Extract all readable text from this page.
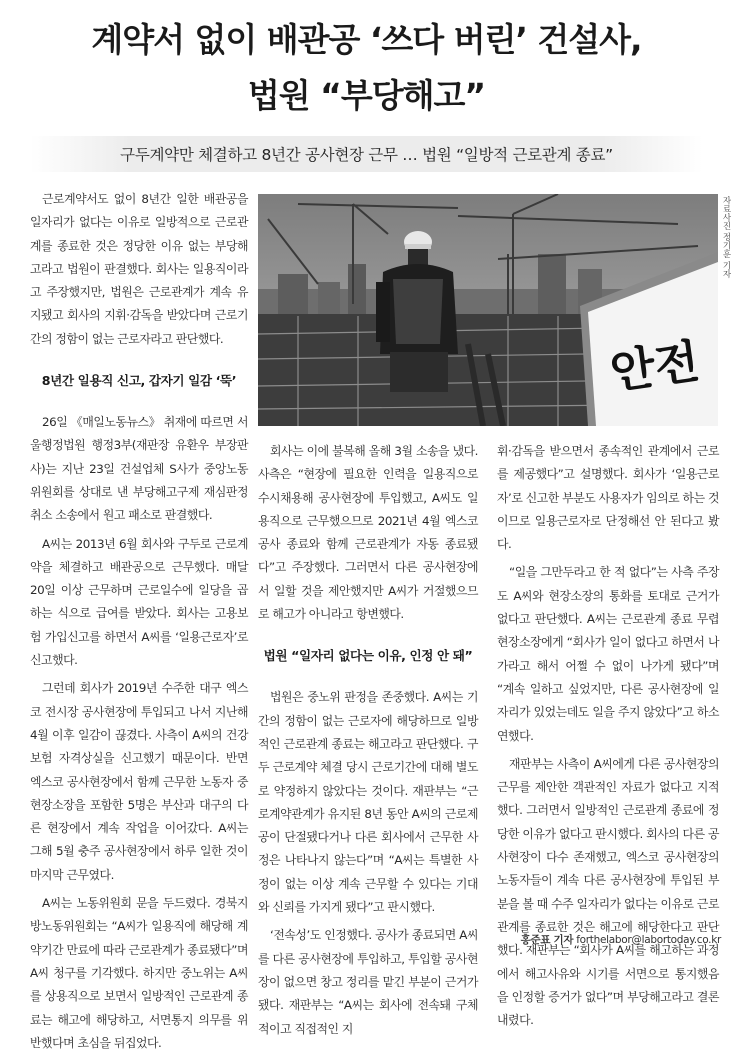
계약서 없이 배관공 ‘쓰다 버린’ 건설사,
법원 “부당해고”
구두계약만 체결하고 8년간 공사현장 근무 … 법원 “일방적 근로관계 종료”

근로계약서도 없이 8년간 일한 배관공을 일자리가 없다는 이유로 일방적으로 근로관계를 종료한 것은 정당한 이유 없는 부당해고라고 법원이 판결했다. 회사는 일용직이라고 주장했지만, 법원은 근로관계가 계속 유지됐고 회사의 지휘·감독을 받았다며 근로기간의 정함이 없는 근로자라고 판단했다.

8년간 일용직 신고, 갑자기 일감 ‘뚝’

26일 《매일노동뉴스》 취재에 따르면 서울행정법원 행정3부(재판장 유환우 부장판사)는 지난 23일 건설업체 S사가 중앙노동위원회를 상대로 낸 부당해고구제 재심판정취소 소송에서 원고 패소로 판결했다.

A씨는 2013년 6월 회사와 구두로 근로계약을 체결하고 배관공으로 근무했다. 매달 20일 이상 근무하며 근로일수에 일당을 곱하는 식으로 급여를 받았다. 회사는 고용보험 가입신고를 하면서 A씨를 ‘일용근로자’로 신고했다.

그런데 회사가 2019년 수주한 대구 엑스코 전시장 공사현장에 투입되고 나서 지난해 4월 이후 일감이 끊겼다. 사측이 A씨의 건강보험 자격상실을 신고했기 때문이다. 반면 엑스코 공사현장에서 함께 근무한 노동자 중 현장소장을 포함한 5명은 부산과 대구의 다른 현장에서 계속 작업을 이어갔다. A씨는 그해 5월 충주 공사현장에서 하루 일한 것이 마지막 근무였다.

A씨는 노동위원회 문을 두드렸다. 경북지방노동위원회는 “A씨가 일용직에 해당해 계약기간 만료에 따라 근로관계가 종료됐다”며 A씨 청구를 기각했다. 하지만 중노위는 A씨를 상용직으로 보면서 일방적인 근로관계 종료는 해고에 해당하고, 서면통지 의무를 위반했다며 초심을 뒤집었다.

안전
자료사진 정기훈 기자

회사는 이에 불복해 올해 3월 소송을 냈다. 사측은 “현장에 필요한 인력을 일용직으로 수시채용해 공사현장에 투입했고, A씨도 일용직으로 근무했으므로 2021년 4월 엑스코 공사 종료와 함께 근로관계가 자동 종료됐다”고 주장했다. 그러면서 다른 공사현장에서 일할 것을 제안했지만 A씨가 거절했으므로 해고가 아니라고 항변했다.

법원 “일자리 없다는 이유, 인정 안 돼”

법원은 중노위 판정을 존중했다. A씨는 기간의 정함이 없는 근로자에 해당하므로 일방적인 근로관계 종료는 해고라고 판단했다. 구두 근로계약 체결 당시 근로기간에 대해 별도로 약정하지 않았다는 것이다. 재판부는 “근로계약관계가 유지된 8년 동안 A씨의 근로제공이 단절됐다거나 다른 회사에서 근무한 사정은 나타나지 않는다”며 “A씨는 특별한 사정이 없는 이상 계속 근무할 수 있다는 기대와 신뢰를 가지게 됐다”고 판시했다.

‘전속성’도 인정했다. 공사가 종료되면 A씨를 다른 공사현장에 투입하고, 투입할 공사현장이 없으면 창고 정리를 맡긴 부분이 근거가 됐다. 재판부는 “A씨는 회사에 전속돼 구체적이고 직접적인 지

휘·감독을 받으면서 종속적인 관계에서 근로를 제공했다”고 설명했다. 회사가 ‘일용근로자’로 신고한 부분도 사용자가 임의로 하는 것이므로 일용근로자로 단정해선 안 된다고 봤다.

“일을 그만두라고 한 적 없다”는 사측 주장도 A씨와 현장소장의 통화를 토대로 근거가 없다고 판단했다. A씨는 근로관계 종료 무렵 현장소장에게 “회사가 일이 없다고 하면서 나가라고 해서 어쩔 수 없이 나가게 됐다”며 “계속 일하고 싶었지만, 다른 공사현장에 일자리가 있었는데도 일을 주지 않았다”고 하소연했다.

재판부는 사측이 A씨에게 다른 공사현장의 근무를 제안한 객관적인 자료가 없다고 지적했다. 그러면서 일방적인 근로관계 종료에 정당한 이유가 없다고 판시했다. 회사의 다른 공사현장이 다수 존재했고, 엑스코 공사현장의 노동자들이 계속 다른 공사현장에 투입된 부분을 볼 때 수주 일자리가 없다는 이유로 근로관계를 종료한 것은 해고에 해당한다고 판단했다. 재판부는 “회사가 A씨를 해고하는 과정에서 해고사유와 시기를 서면으로 통지했음을 인정할 증거가 없다”며 부당해고라고 결론 내렸다.

홍준표 기자 forthelabor@labortoday.co.kr
